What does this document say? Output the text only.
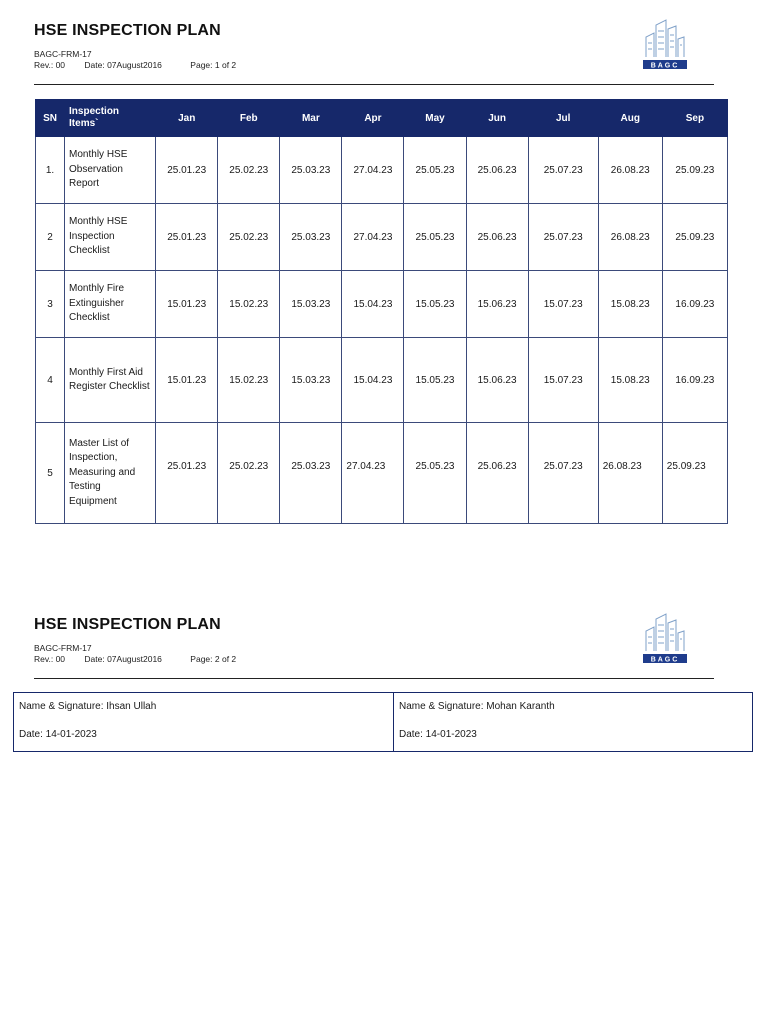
HSE INSPECTION PLAN
BAGC-FRM-17
Rev.: 00 Date: 07August2016	Page: 1 of 2	BAGC
SN	Inspection Items`	Jan	Feb	Mar	Apr	May	Jun	Jul	Aug	Sep
1.	Monthly HSE Observation Report	25.01.23	25.02.23	25.03.23	27.04.23	25.05.23	25.06.23	25.07.23	26.08.23	25.09.23
2	Monthly HSE Inspection Checklist	25.01.23	25.02.23	25.03.23	27.04.23	25.05.23	25.06.23	25.07.23	26.08.23	25.09.23
3	Monthly Fire Extinguisher Checklist	15.01.23	15.02.23	15.03.23	15.04.23	15.05.23	15.06.23	15.07.23	15.08.23	16.09.23
4	Monthly First Aid Register Checklist	15.01.23	15.02.23	15.03.23	15.04.23	15.05.23	15.06.23	15.07.23	15.08.23	16.09.23
5	Master List of Inspection, Measuring and Testing Equipment	25.01.23	25.02.23	25.03.23	27.04.23	25.05.23	25.06.23	25.07.23	26.08.23	25.09.23
HSE INSPECTION PLAN
BAGC-FRM-17
Rev.: 00 Date: 07August2016	Page: 2 of 2	BAGC
Name & Signature: Ihsan Ullah
Date: 14-01-2023

Name & Signature: Mohan Karanth
Date: 14-01-2023
